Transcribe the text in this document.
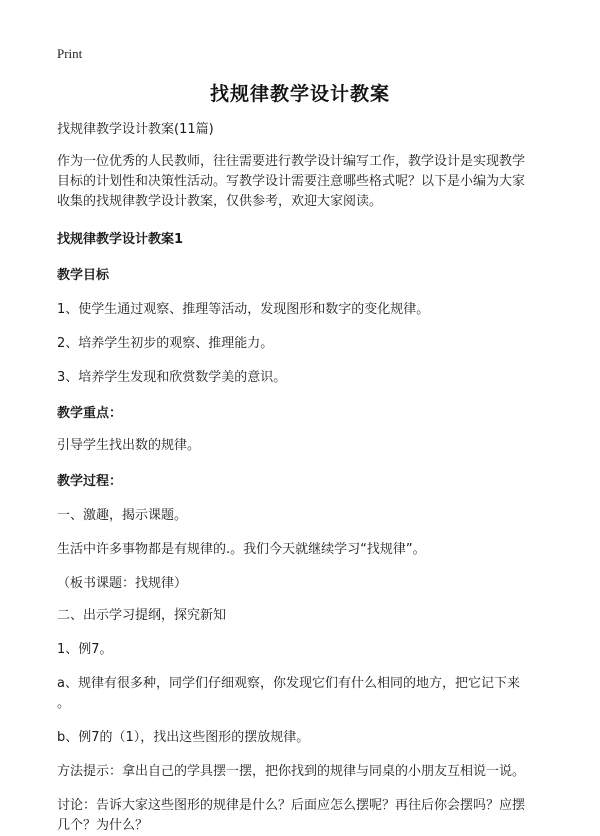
Print
找规律教学设计教案

找规律教学设计教案(11篇)

作为一位优秀的人民教师，往往需要进行教学设计编写工作，教学设计是实现教学

目标的计划性和决策性活动。写教学设计需要注意哪些格式呢？以下是小编为大家

收集的找规律教学设计教案，仅供参考，欢迎大家阅读。

找规律教学设计教案1

教学目标

1、使学生通过观察、推理等活动，发现图形和数字的变化规律。

2、培养学生初步的观察、推理能力。

3、培养学生发现和欣赏数学美的意识。

教学重点：

引导学生找出数的规律。

教学过程：

一、激趣，揭示课题。

生活中许多事物都是有规律的.。我们今天就继续学习“找规律”。

（板书课题：找规律）

二、出示学习提纲，探究新知

1、例7。

a、规律有很多种，同学们仔细观察，你发现它们有什么相同的地方，把它记下来

。

b、例7的（1），找出这些图形的摆放规律。

方法提示：拿出自己的学具摆一摆，把你找到的规律与同桌的小朋友互相说一说。

讨论：告诉大家这些图形的规律是什么？后面应怎么摆呢？再往后你会摆吗？应摆

几个？为什么？
